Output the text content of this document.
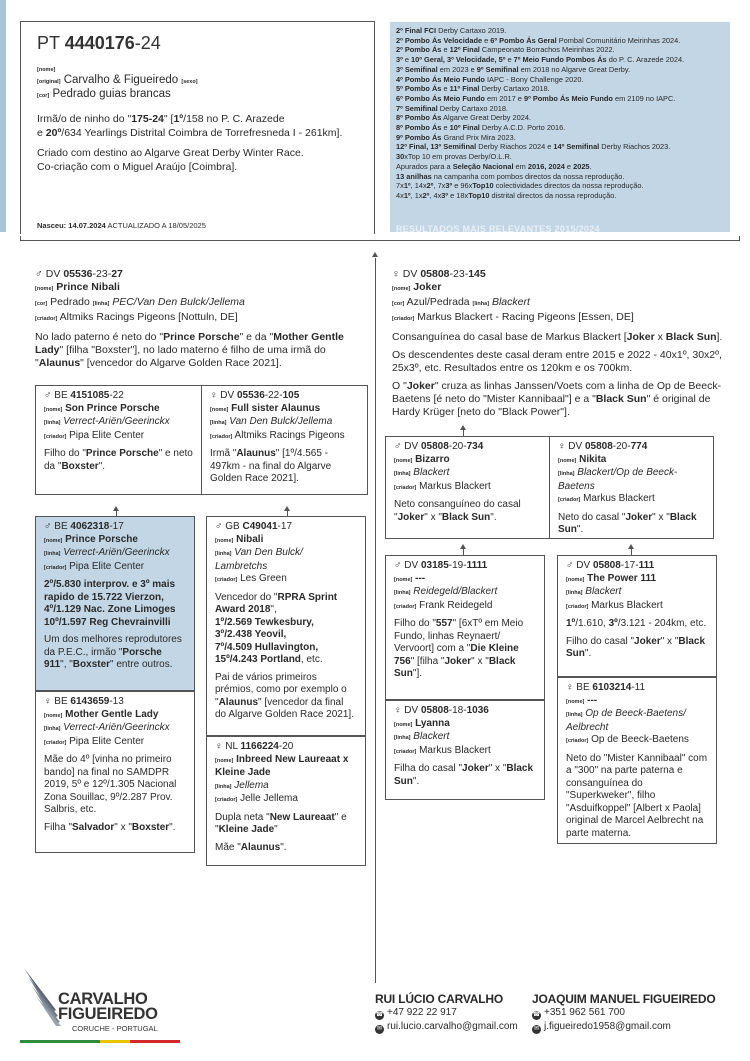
PT 4440176-24
[nome]
[original] Carvalho & Figueiredo [sexo]
[cor] Pedrado guias brancas
Irmã/o de ninho do "175-24" [1º/158 no P. C. Arazede
e 20º/634 Yearlings Distrital Coimbra de Torrefresneda I - 261km].
Criado com destino ao Algarve Great Derby Winter Race.
Co-criação com o Miguel Araújo [Coimbra].
Nasceu: 14.07.2024 ACTUALIZADO A 18/05/2025
2º Final FCI Derby Cartaxo 2019.
2º Pombo Ás Velocidade e 6º Pombo Ás Geral Pombal Comunitário Meirinhas 2024.
2º Pombo Ás e 12º Final Campeonato Borrachos Meirinhas 2022.
3º e 10º Geral, 3º Velocidade, 5º e 7º Meio Fundo Pombos Ás do P. C. Arazede 2024.
3º Semifinal em 2023 e 9º Semifinal em 2018 no Algarve Great Derby.
4º Pombo Ás Meio Fundo IAPC - Bony Challenge 2020.
5º Pombo Ás e 11º Final Derby Cartaxo 2018.
6º Pombo Ás Meio Fundo em 2017 e 9º Pombo Ás Meio Fundo em 2109 no IAPC.
7º Semifinal Derby Cartaxo 2018.
8º Pombo Ás Algarve Great Derby 2024.
8º Pombo Ás e 10º Final Derby A.C.D. Porto 2016.
9º Pombo Ás Grand Prix Mira 2023.
12º Final, 13º Semifinal Derby Riachos 2024 e 14º Semifinal Derby Riachos 2023.
30xTop 10 em provas Derby/O.L.R.
Apurados para a Seleção Nacional em 2016, 2024 e 2025.
13 anilhas na campanha com pombos directos da nossa reprodução.
7x1º, 14x2º, 7x3º e 96xTop10 colectividades directos da nossa reprodução.
4x1º, 1x2º, 4x3º e 18xTop10 distrital directos da nossa reprodução.
RESULTADOS MAIS RELEVANTES 2015/2024
♂ DV 05536-23-27
[nome] Prince Nibali
[cor] Pedrado [linha] PEC/Van Den Bulck/Jellema
[criador] Altmiks Racings Pigeons [Nottuln, DE]

No lado paterno é neto do "Prince Porsche" e da "Mother Gentle Lady" [filha "Boxster"], no lado materno é filho de uma irmã do "Alaunus" [vencedor do Algarve Golden Race 2021].

♀ DV 05808-23-145
[nome] Joker
[cor] Azul/Pedrada [linha] Blackert
[criador] Markus Blackert - Racing Pigeons [Essen, DE]

Consanguínea do casal base de Markus Blackert [Joker x Black Sun].

Os descendentes deste casal deram entre 2015 e 2022 - 40x1º, 30x2º, 25x3º, etc. Resultados entre os 120km e os 700km.

O "Joker" cruza as linhas Janssen/Voets com a linha de Op de Beeck-Baetens [é neto do "Mister Kannibaal"] e a "Black Sun" é original de Hardy Krüger [neto do "Black Power"].

♂ BE 4151085-22
[nome] Son Prince Porsche
[linha] Verrect-Ariën/Geerinckx
[criador] Pipa Elite Center

Filho do "Prince Porsche" e neto da "Boxster".

♀ DV 05536-22-105
[nome] Full sister Alaunus
[linha] Van Den Bulck/Jellema
[criador] Altmiks Racings Pigeons

Irmã "Alaunus" [1º/4.565 - 497km - na final do Algarve Golden Race 2021].

♂ BE 4062318-17
[nome] Prince Porsche
[linha] Verrect-Ariën/Geerinckx
[criador] Pipa Elite Center

2º/5.830 interprov. e 3º mais rapido de 15.722 Vierzon, 4º/1.129 Nac. Zone Limoges 10º/1.597 Reg Chevrainvilli

Um dos melhores reprodutores da P.E.C., irmão "Porsche 911", "Boxster" entre outros.

♀ BE 6143659-13
[nome] Mother Gentle Lady
[linha] Verrect-Ariën/Geerinckx
[criador] Pipa Elite Center

Mãe do 4º [vinha no primeiro bando] na final no SAMDPR 2019, 5º e 12º/1.305 Nacional Zona Souillac, 9º/2.287 Prov. Salbris, etc.

Filha "Salvador" x "Boxster".

♂ GB C49041-17
[nome] Nibali
[linha] Van Den Bulck/ Lambretchs
[criador] Les Green

Vencedor do "RPRA Sprint Award 2018",
1º/2.569 Tewkesbury,
3º/2.438 Yeovil,
7º/4.509 Hullavington,
15º/4.243 Portland, etc.

Pai de vários primeiros prémios, como por exemplo o "Alaunus" [vencedor da final do Algarve Golden Race 2021].

♀ NL 1166224-20
[nome] Inbreed New Laureaat x Kleine Jade
[linha] Jellema
[criador] Jelle Jellema

Dupla neta "New Laureaat" e "Kleine Jade"

Mãe "Alaunus".

♂ DV 05808-20-734
[nome] Bizarro
[linha] Blackert
[criador] Markus Blackert

Neto consanguíneo do casal "Joker" x "Black Sun".

♀ DV 05808-20-774
[nome] Nikita
[linha] Blackert/Op de Beeck-Baetens
[criador] Markus Blackert

Neto do casal "Joker" x "Black Sun".

♂ DV 03185-19-1111
[nome] ---
[linha] Reidegeld/Blackert
[criador] Frank Reidegeld

Filho do "557" [6xTº em Meio Fundo, linhas Reynaert/ Vervoort] com a "Die Kleine 756" [filha "Joker" x "Black Sun"].

♀ DV 05808-18-1036
[nome] Lyanna
[linha] Blackert
[criador] Markus Blackert

Filha do casal "Joker" x "Black Sun".

♂ DV 05808-17-111
[nome] The Power 111
[linha] Blackert
[criador] Markus Blackert

1º/1.610, 3º/3.121 - 204km, etc.

Filho do casal "Joker" x "Black Sun".

♀ BE 6103214-11
[nome] ---
[linha] Op de Beeck-Baetens/ Aelbrecht
[criador] Op de Beeck-Baetens

Neto do "Mister Kannibaal" com a "300" na parte paterna e consanguínea do "Superkweker", filho "Asduifkoppel" [Albert x Paola] original de Marcel Aelbrecht na parte materna.

CARVALHO
FIGUEIREDO
CORUCHE - PORTUGAL
RUI LÚCIO CARVALHO
☎ +47 922 22 917
✉ rui.lucio.carvalho@gmail.com
JOAQUIM MANUEL FIGUEIREDO
☎ +351 962 561 700
✉ j.figueiredo1958@gmail.com
